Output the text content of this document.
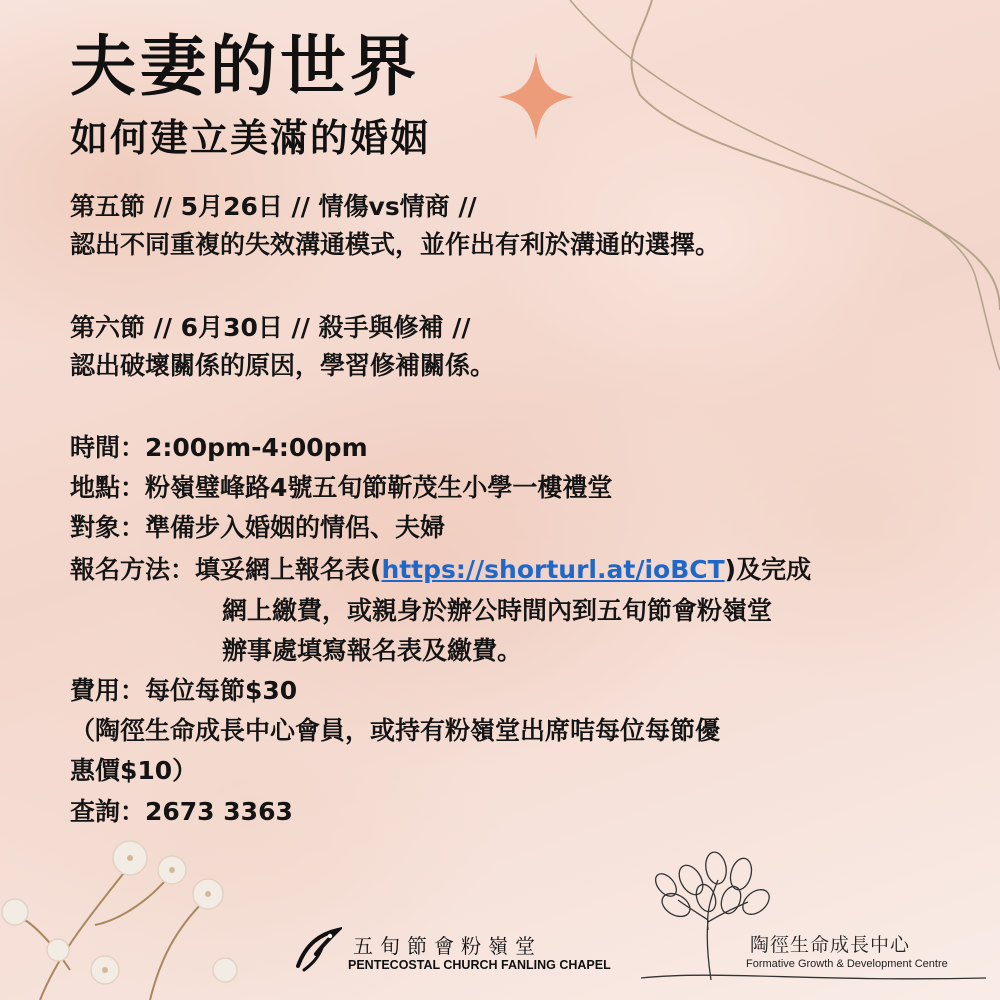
夫妻的世界
如何建立美滿的婚姻

第五節 // 5月26日 // 情傷vs情商 //

認出不同重複的失效溝通模式，並作出有利於溝通的選擇。

第六節 // 6月30日 // 殺手與修補 //

認出破壞關係的原因，學習修補關係。

時間：2:00pm-4:00pm

地點：粉嶺璧峰路4號五旬節靳茂生小學一樓禮堂

對象：準備步入婚姻的情侶、夫婦

報名方法：填妥網上報名表(https://shorturl.at/ioBCT)及完成

網上繳費，或親身於辦公時間內到五旬節會粉嶺堂

辦事處填寫報名表及繳費。

費用：每位每節$30

（陶徑生命成長中心會員，或持有粉嶺堂出席咭每位每節優

惠價$10）

查詢：2673 3363

五旬節會粉嶺堂

PENTECOSTAL CHURCH FANLING CHAPEL

陶徑生命成長中心

Formative Growth & Development Centre
